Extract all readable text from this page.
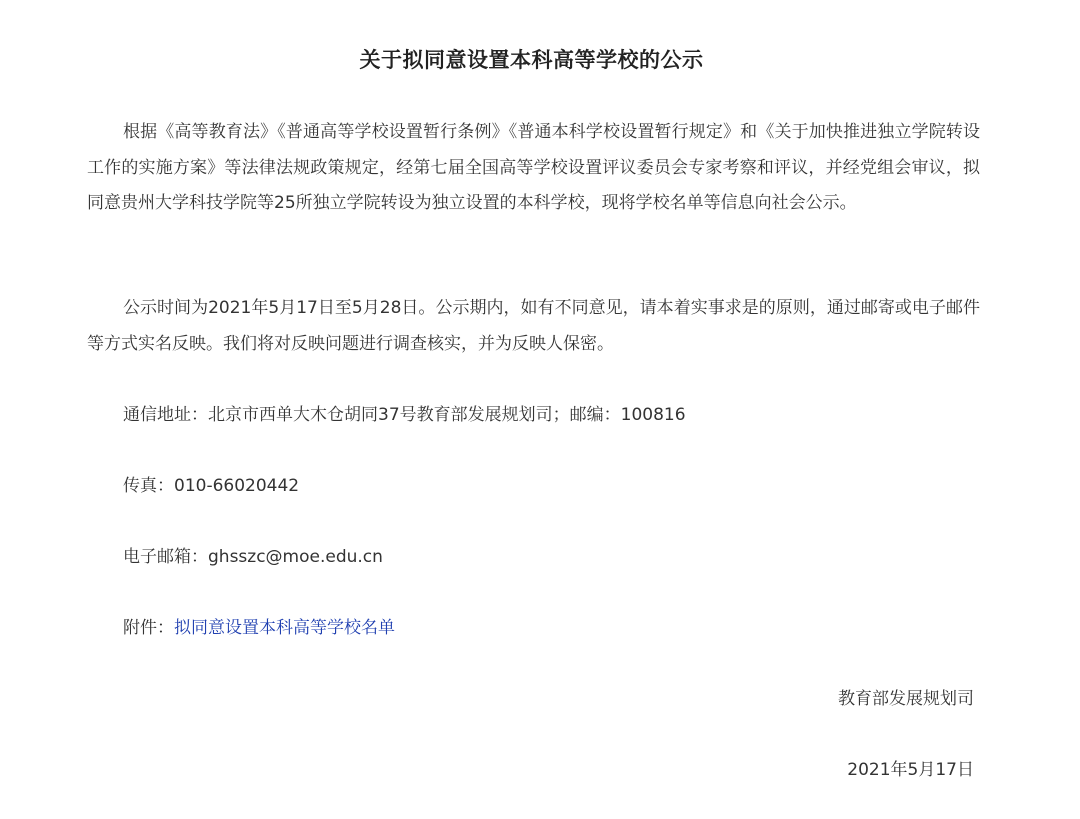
关于拟同意设置本科高等学校的公示

根据《高等教育法》《普通高等学校设置暂行条例》《普通本科学校设置暂行规定》和《关于加快推进独立学院转设工作的实施方案》等法律法规政策规定，经第七届全国高等学校设置评议委员会专家考察和评议，并经党组会审议，拟同意贵州大学科技学院等25所独立学院转设为独立设置的本科学校，现将学校名单等信息向社会公示。

公示时间为2021年5月17日至5月28日。公示期内，如有不同意见，请本着实事求是的原则，通过邮寄或电子邮件等方式实名反映。我们将对反映问题进行调查核实，并为反映人保密。

通信地址：北京市西单大木仓胡同37号教育部发展规划司；邮编：100816

传真：010-66020442

电子邮箱：ghsszc@moe.edu.cn

附件：拟同意设置本科高等学校名单

教育部发展规划司

2021年5月17日
